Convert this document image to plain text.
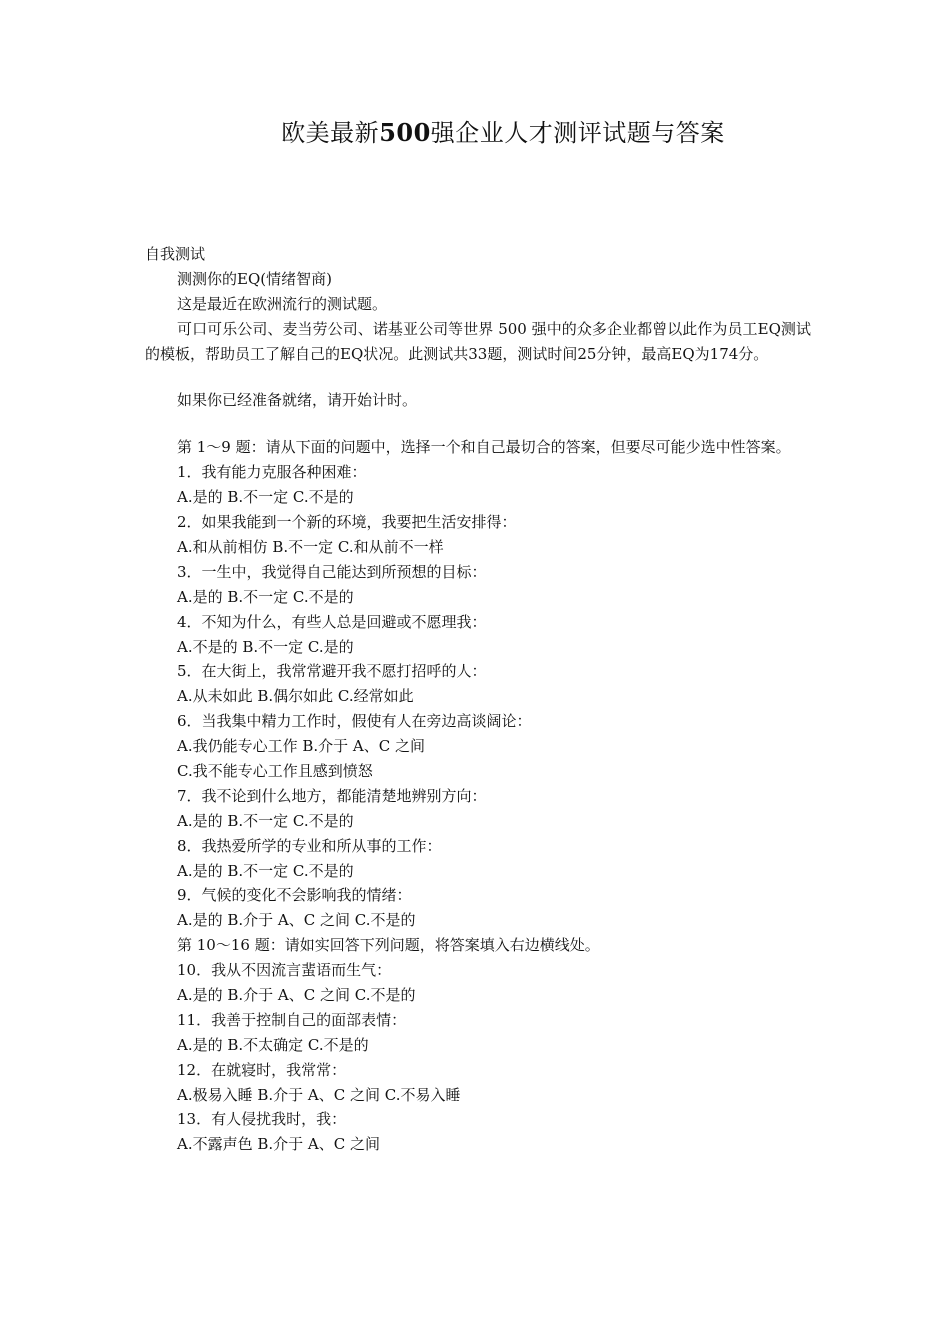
欧美最新500强企业人才测评试题与答案
自我测试
测测你的EQ(情绪智商)
这是最近在欧洲流行的测试题。
可口可乐公司、麦当劳公司、诺基亚公司等世界 500 强中的众多企业都曾以此作为员工EQ测试的模板，帮助员工了解自己的EQ状况。此测试共33题，测试时间25分钟，最高EQ为174分。
如果你已经准备就绪，请开始计时。
第 1～9 题：请从下面的问题中，选择一个和自己最切合的答案，但要尽可能少选中性答案。
1．我有能力克服各种困难：
A.是的 B.不一定 C.不是的
2．如果我能到一个新的环境，我要把生活安排得：
A.和从前相仿 B.不一定 C.和从前不一样
3．一生中，我觉得自己能达到所预想的目标：
A.是的 B.不一定 C.不是的
4．不知为什么，有些人总是回避或不愿理我：
A.不是的 B.不一定 C.是的
5．在大街上，我常常避开我不愿打招呼的人：
A.从未如此 B.偶尔如此 C.经常如此
6．当我集中精力工作时，假使有人在旁边高谈阔论：
A.我仍能专心工作 B.介于 A、C 之间
C.我不能专心工作且感到愤怒
7．我不论到什么地方，都能清楚地辨别方向：
A.是的 B.不一定 C.不是的
8．我热爱所学的专业和所从事的工作：
A.是的 B.不一定 C.不是的
9．气候的变化不会影响我的情绪：
A.是的 B.介于 A、C 之间 C.不是的
第 10～16 题：请如实回答下列问题，将答案填入右边横线处。
10．我从不因流言蜚语而生气：
A.是的 B.介于 A、C 之间 C.不是的
11．我善于控制自己的面部表情：
A.是的 B.不太确定 C.不是的
12．在就寝时，我常常：
A.极易入睡 B.介于 A、C 之间 C.不易入睡
13．有人侵扰我时，我：
A.不露声色 B.介于 A、C 之间
